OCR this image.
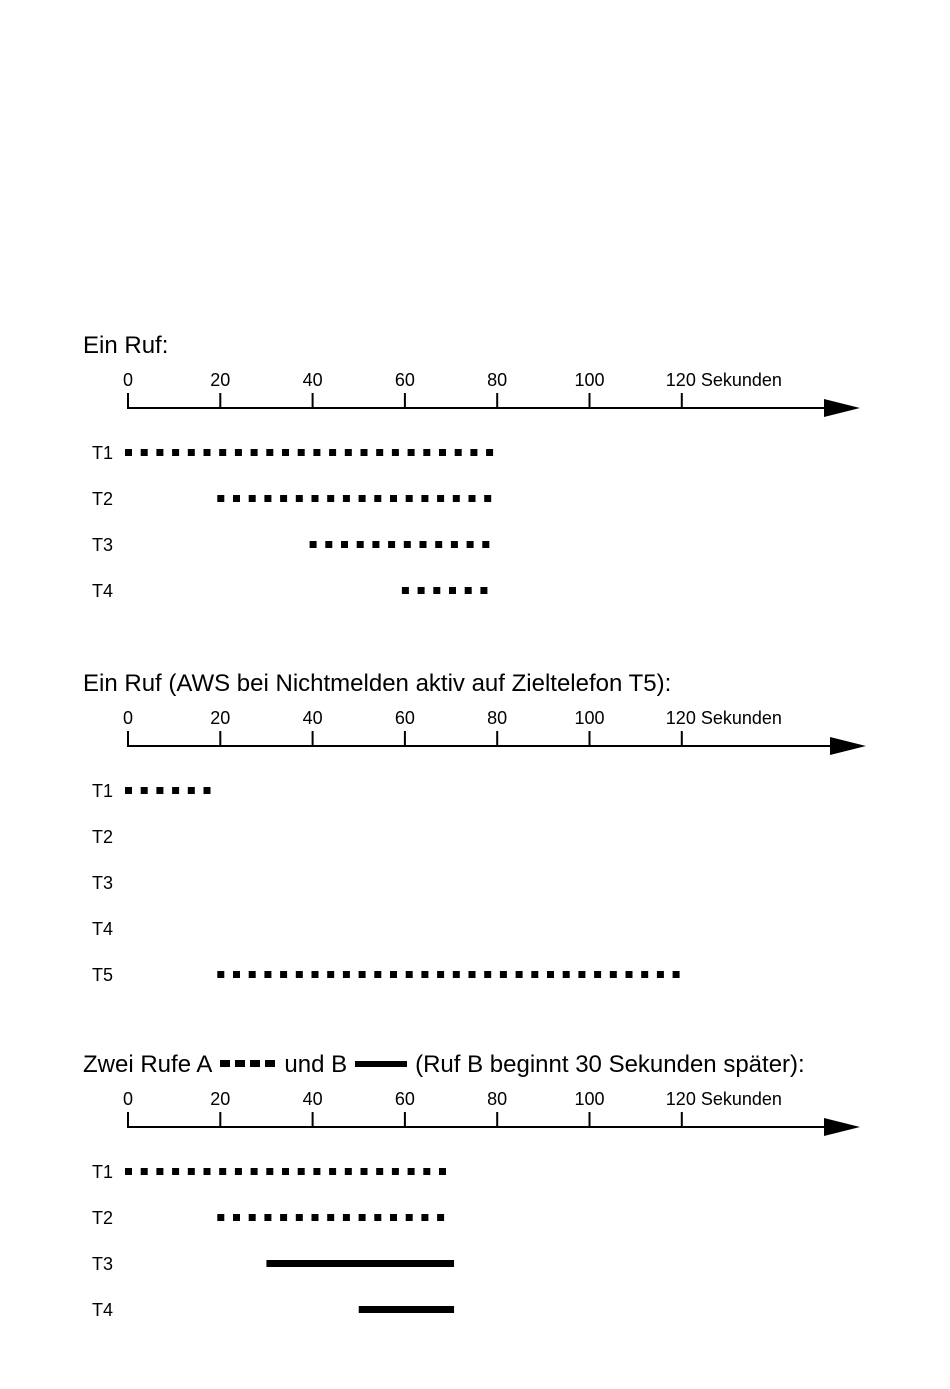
Ein Ruf:
0	20	40	60	80	100	120 Sekunden
T1
T2
T3
T4
Ein Ruf (AWS bei Nichtmelden aktiv auf Zieltelefon T5):
0	20	40	60	80	100	120 Sekunden
T1
T2
T3
T4
T5
Zwei Rufe A	und B	(Ruf B beginnt 30 Sekunden später):
0	20	40	60	80	100	120 Sekunden
T1
T2
T3
T4
